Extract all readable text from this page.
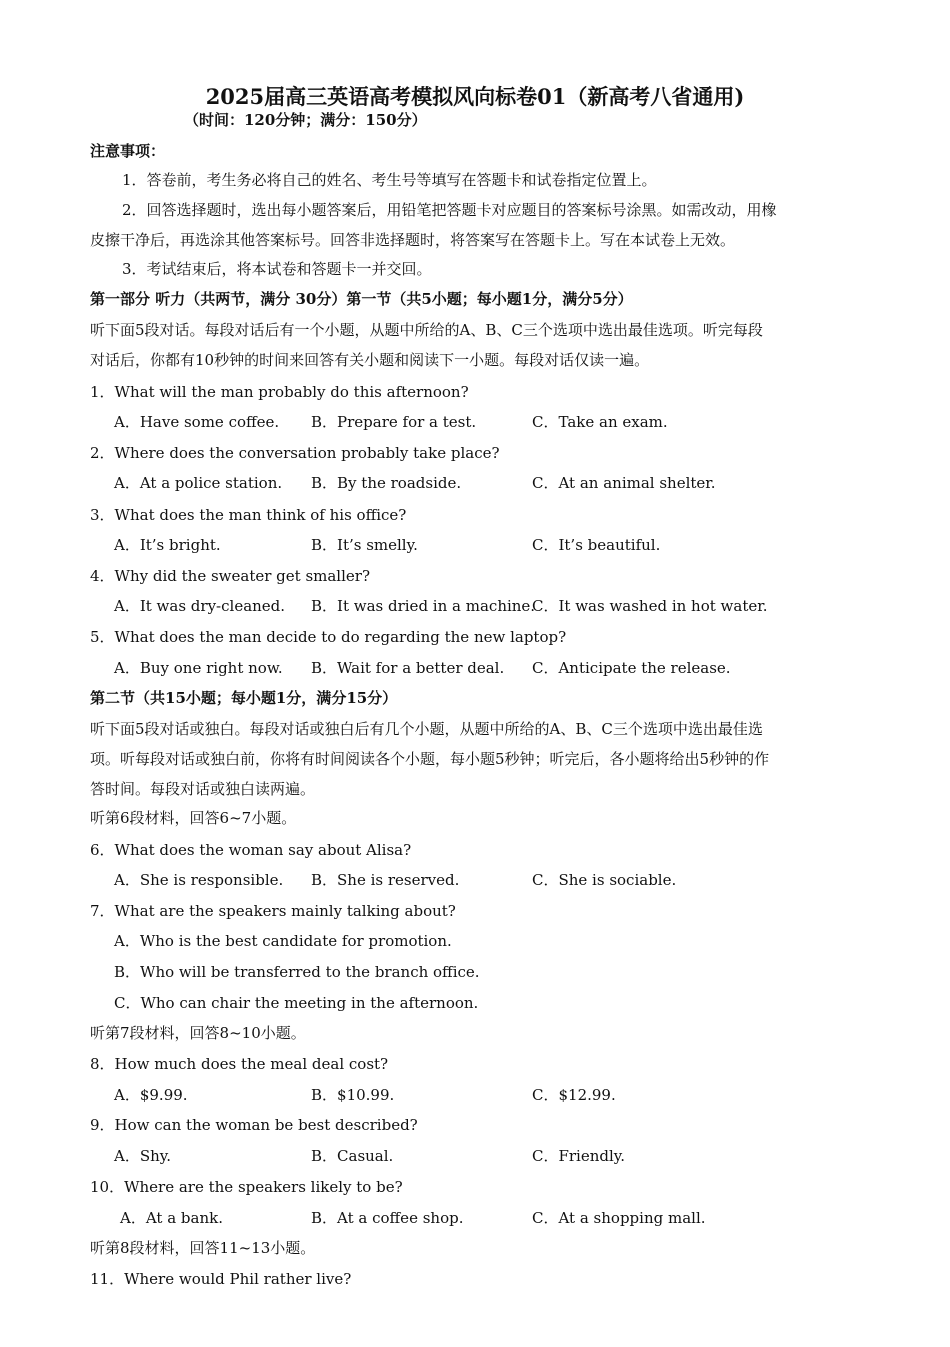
2025届高三英语高考模拟风向标卷01（新高考八省通用)
（时间：120分钟；满分：150分）
注意事项：
1．答卷前，考生务必将自己的姓名、考生号等填写在答题卡和试卷指定位置上。
2．回答选择题时，选出每小题答案后，用铅笔把答题卡对应题目的答案标号涂黑。如需改动，用橡
皮擦干净后，再选涂其他答案标号。回答非选择题时，将答案写在答题卡上。写在本试卷上无效。
3．考试结束后，将本试卷和答题卡一并交回。
第一部分 听力（共两节，满分 30分）第一节（共5小题；每小题1分，满分5分）
听下面5段对话。每段对话后有一个小题，从题中所给的A、B、C三个选项中选出最佳选项。听完每段
对话后，你都有10秒钟的时间来回答有关小题和阅读下一小题。每段对话仅读一遍。
1．What will the man probably do this afternoon?
A．Have some coffee. B．Prepare for a test.	C．Take an exam.
2．Where does the conversation probably take place?
A．At a police station. B．By the roadside.	C．At an animal shelter.
3．What does the man think of his office?
A．It’s bright.	B．It’s smelly.	C．It’s beautiful.
4．Why did the sweater get smaller?
A．It was dry-cleaned. B．It was dried in a machine.
C．It was washed in hot water.
5．What does the man decide to do regarding the new laptop?
A．Buy one right now. B．Wait for a better deal. C．Anticipate the release.
第二节（共15小题；每小题1分，满分15分）
听下面5段对话或独白。每段对话或独白后有几个小题，从题中所给的A、B、C三个选项中选出最佳选
项。听每段对话或独白前，你将有时间阅读各个小题，每小题5秒钟；听完后，各小题将给出5秒钟的作
答时间。每段对话或独白读两遍。
听第6段材料，回答6~7小题。
6．What does the woman say about Alisa?
A．She is responsible. B．She is reserved.	C．She is sociable.
7．What are the speakers mainly talking about?
A．Who is the best candidate for promotion.
B．Who will be transferred to the branch office.
C．Who can chair the meeting in the afternoon.
听第7段材料，回答8~10小题。
8．How much does the meal deal cost?
A．$9.99.	B．$10.99.	C．$12.99.
9．How can the woman be best described?
A．Shy.	B．Casual.	C．Friendly.
10．Where are the speakers likely to be?
A．At a bank.	B．At a coffee shop.	C．At a shopping mall.
听第8段材料，回答11~13小题。
11．Where would Phil rather live?
